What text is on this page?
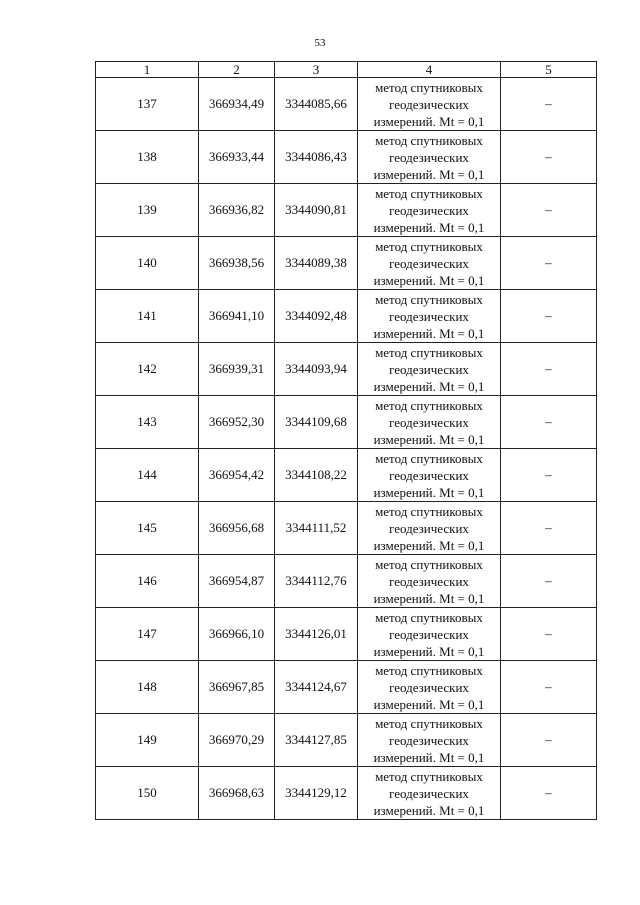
53
1	2	3	4	5
137	366934,49	3344085,66	метод спутниковых
геодезических
измерений. Mt = 0,1	–
138	366933,44	3344086,43	метод спутниковых
геодезических
измерений. Mt = 0,1	–
139	366936,82	3344090,81	метод спутниковых
геодезических
измерений. Mt = 0,1	–
140	366938,56	3344089,38	метод спутниковых
геодезических
измерений. Mt = 0,1	–
141	366941,10	3344092,48	метод спутниковых
геодезических
измерений. Mt = 0,1	–
142	366939,31	3344093,94	метод спутниковых
геодезических
измерений. Mt = 0,1	–
143	366952,30	3344109,68	метод спутниковых
геодезических
измерений. Mt = 0,1	–
144	366954,42	3344108,22	метод спутниковых
геодезических
измерений. Mt = 0,1	–
145	366956,68	3344111,52	метод спутниковых
геодезических
измерений. Mt = 0,1	–
146	366954,87	3344112,76	метод спутниковых
геодезических
измерений. Mt = 0,1	–
147	366966,10	3344126,01	метод спутниковых
геодезических
измерений. Mt = 0,1	–
148	366967,85	3344124,67	метод спутниковых
геодезических
измерений. Mt = 0,1	–
149	366970,29	3344127,85	метод спутниковых
геодезических
измерений. Mt = 0,1	–
150	366968,63	3344129,12	метод спутниковых
геодезических
измерений. Mt = 0,1	–
